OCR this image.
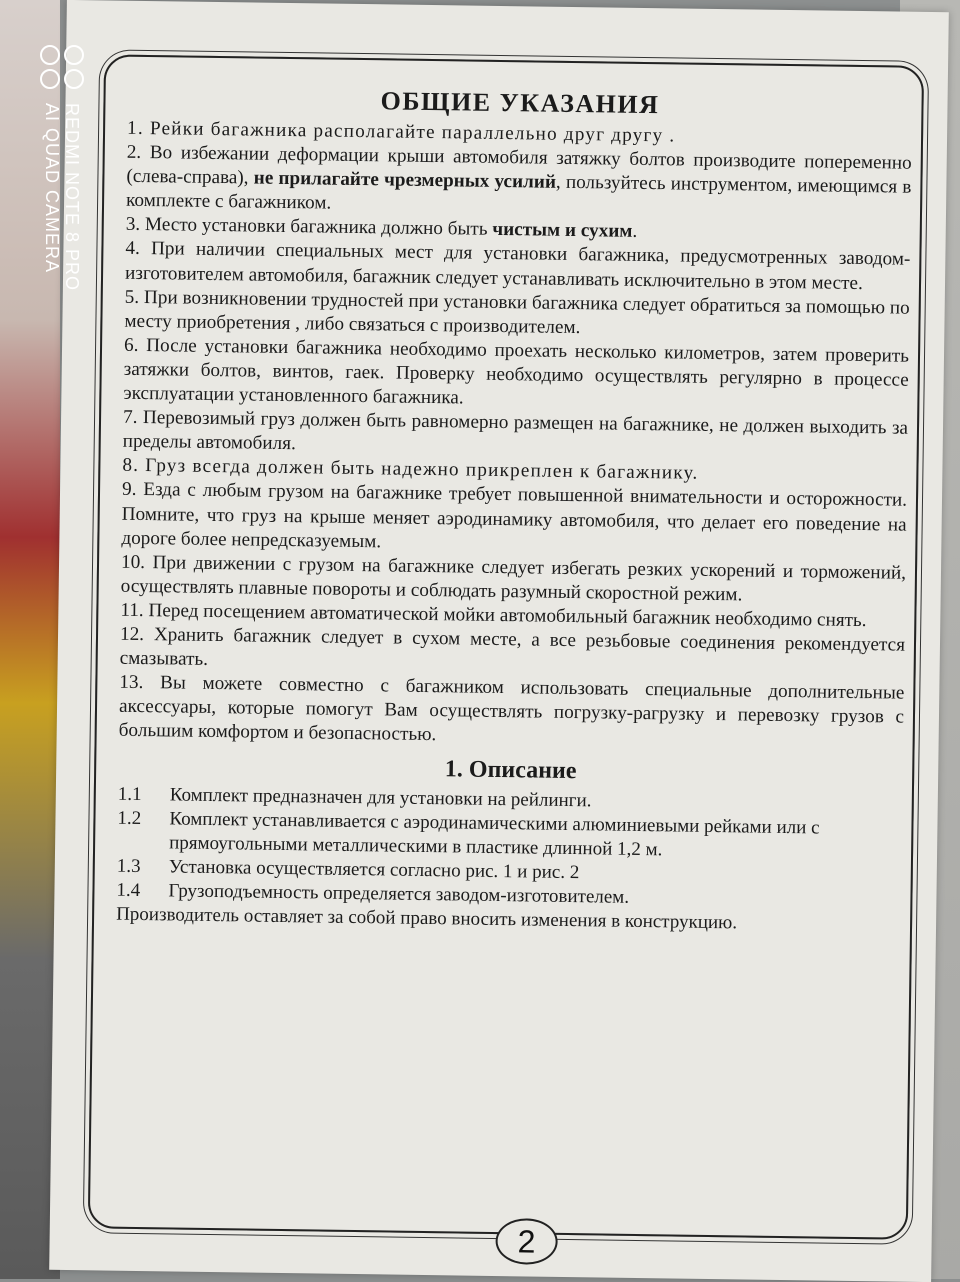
ОБЩИЕ УКАЗАНИЯ

1. Рейки багажника располагайте параллельно друг другу .

2. Во избежании деформации крыши автомобиля затяжку болтов производите попеременно (слева-справа), не прилагайте чрезмерных усилий, пользуйтесь инструментом, имеющимся в комплекте с багажником.

3. Место установки багажника должно быть чистым и сухим.

4. При наличии специальных мест для установки багажника, предусмотренных заводом-изготовителем автомобиля, багажник следует устанавливать исключительно в этом месте.

5. При возникновении трудностей при установки багажника следует обратиться за помощью по месту приобретения , либо связаться с производителем.

6. После установки багажника необходимо проехать несколько километров, затем проверить затяжки болтов, винтов, гаек. Проверку необходимо осуществлять регулярно в процессе эксплуатации установленного багажника.

7. Перевозимый груз должен быть равномерно размещен на багажнике, не должен выходить за пределы автомобиля.

8. Груз всегда должен быть надежно прикреплен к багажнику.

9. Езда с любым грузом на багажнике требует повышенной внимательности и осторожности. Помните, что груз на крыше меняет аэродинамику автомобиля, что делает его поведение на дороге более непредсказуемым.

10. При движении с грузом на багажнике следует избегать резких ускорений и торможений, осуществлять плавные повороты и соблюдать разумный скоростной режим.

11. Перед посещением автоматической мойки автомобильный багажник необходимо снять.

12. Хранить багажник следует в сухом месте, а все резьбовые соединения рекомендуется смазывать.

13. Вы можете совместно с багажником использовать специальные дополнительные аксессуары, которые помогут Вам осуществлять погрузку-рагрузку и перевозку грузов с большим комфортом и безопасностью.

1. Описание
1.1	Комплект предназначен для установки на рейлинги.
1.2	Комплект устанавливается с аэродинамическими алюминиевыми рейками или с прямоугольными металлическими в пластике длинной 1,2 м.
1.3	Установка осуществляется согласно рис. 1 и рис. 2
1.4	Грузоподъемность определяется заводом-изготовителем.

Производитель оставляет за собой право вносить изменения в конструкцию.

2
REDMI NOTE 8 PRO
AI QUAD CAMERA
